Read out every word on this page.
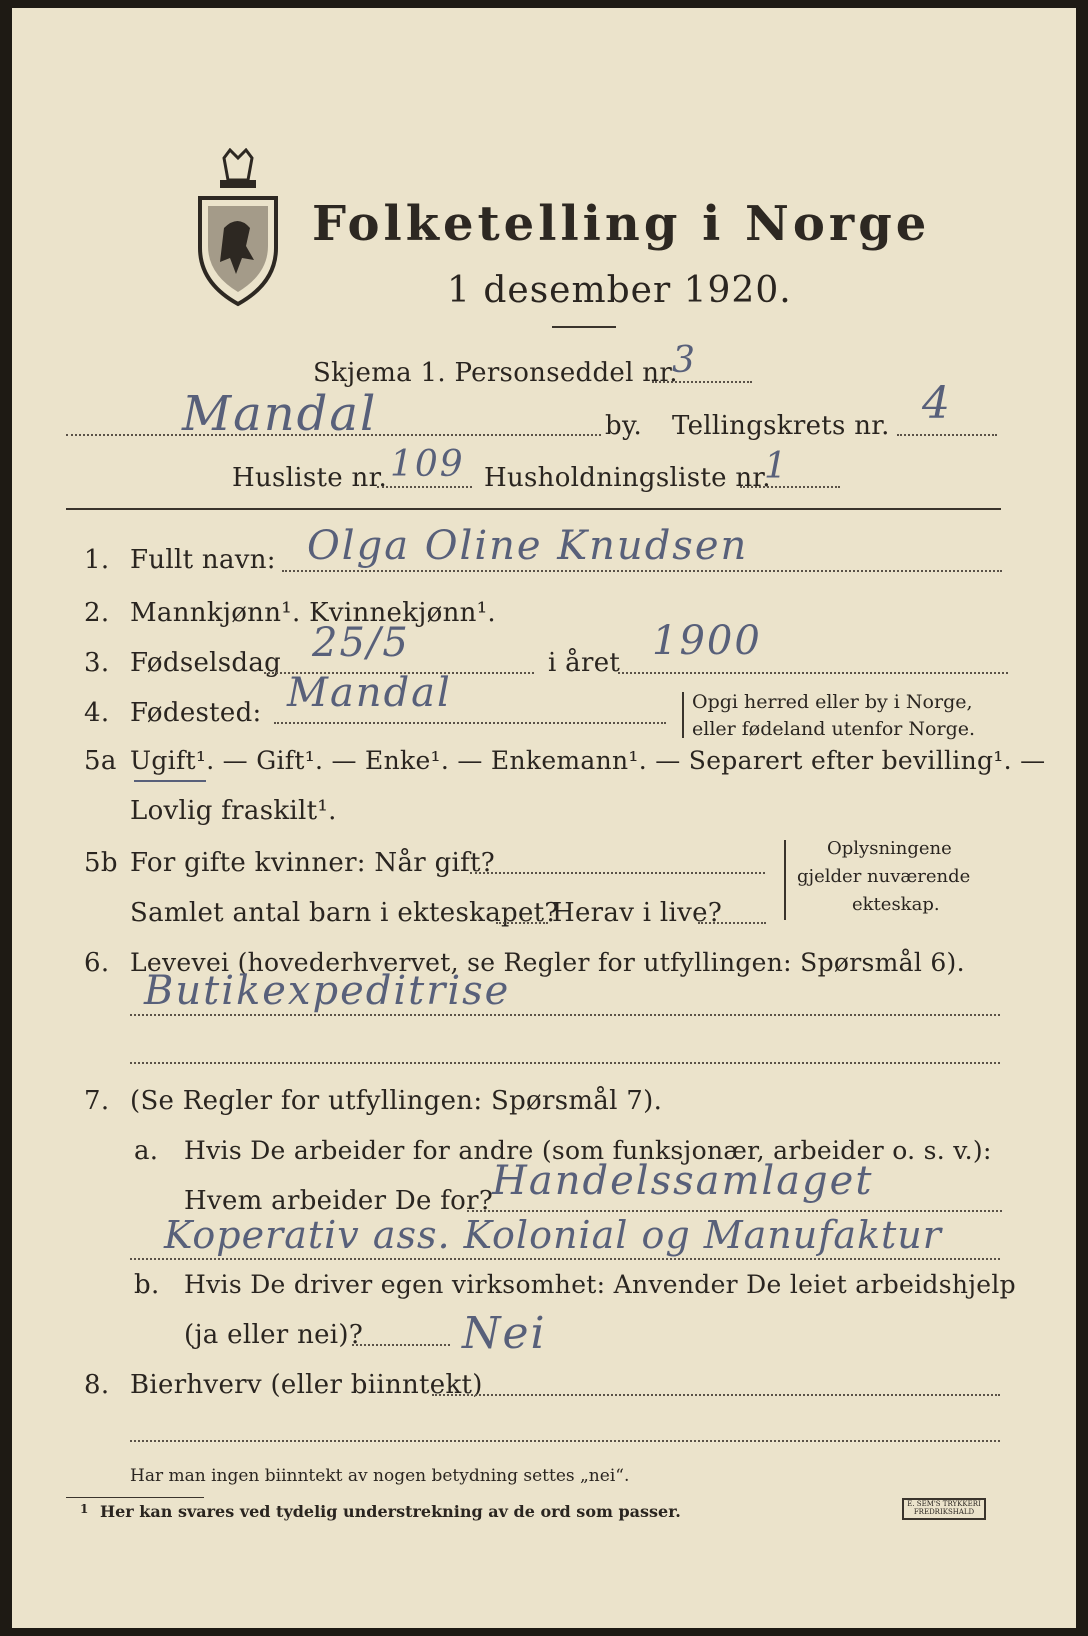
Folketelling i Norge
1 desember 1920.
Skjema 1. Personseddel nr.
3
Mandal	by. Tellingskrets nr. 4
Husliste nr. 109 Husholdningsliste nr.
1
1. Fullt navn: Olga Oline Knudsen
2. Mannkjønn¹. Kvinnekjønn¹.
3. Fødselsdag 25/5	i året 1900
4. Fødested: Mandal	Opgi herred eller by i Norge,
eller fødeland utenfor Norge.
5a Ugift¹. — Gift¹. — Enke¹. — Enkemann¹. — Separert efter bevilling¹. —
Lovlig fraskilt¹.
5b For gifte kvinner: Når gift?
Samlet antal barn i ekteskapet?
Herav i live?
Oplysningene
gjelder nuværende
ekteskap.
6. Levevei (hovederhvervet, se Regler for utfyllingen: Spørsmål 6).
Butikexpeditrise
7. (Se Regler for utfyllingen: Spørsmål 7).
a. Hvis De arbeider for andre (som funksjonær, arbeider o. s. v.):
Hvem arbeider De for?
Handelssamlaget
Koperativ ass. Kolonial og Manufaktur
b. Hvis De driver egen virksomhet: Anvender De leiet arbeidshjelp
(ja eller nei)? Nei
8. Bierhverv (eller biinntekt)
Har man ingen biinntekt av nogen betydning settes „nei“.
1 Her kan svares ved tydelig understrekning av de ord som passer.	E. SEM'S TRYKKERI FREDRIKSHALD
